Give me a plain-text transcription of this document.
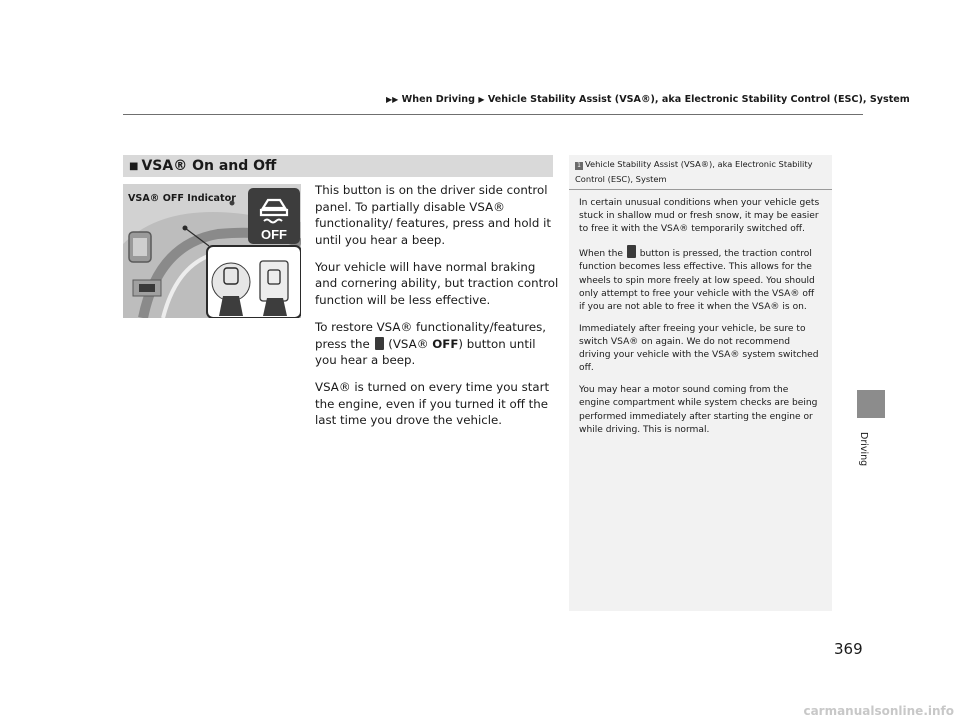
▶▶ When Driving ▶ Vehicle Stability Assist (VSA®), aka Electronic Stability Control (ESC), System
Driving
■ VSA® On and Off
OFF
VSA® OFF Indicator

This button is on the driver side control panel. To partially disable VSA® functionality/ features, press and hold it until you hear a beep.

Your vehicle will have normal braking and cornering ability, but traction control function will be less effective.

To restore VSA® functionality/features, press the (VSA® OFF) button until you hear a beep.

VSA® is turned on every time you start the engine, even if you turned it off the last time you drove the vehicle.

1 Vehicle Stability Assist (VSA®), aka Electronic Stability Control (ESC), System

In certain unusual conditions when your vehicle gets stuck in shallow mud or fresh snow, it may be easier to free it with the VSA® temporarily switched off.

When the button is pressed, the traction control function becomes less effective. This allows for the wheels to spin more freely at low speed. You should only attempt to free your vehicle with the VSA® off if you are not able to free it when the VSA® is on.

Immediately after freeing your vehicle, be sure to switch VSA® on again. We do not recommend driving your vehicle with the VSA® system switched off.

You may hear a motor sound coming from the engine compartment while system checks are being performed immediately after starting the engine or while driving. This is normal.

369
carmanualsonline.info
